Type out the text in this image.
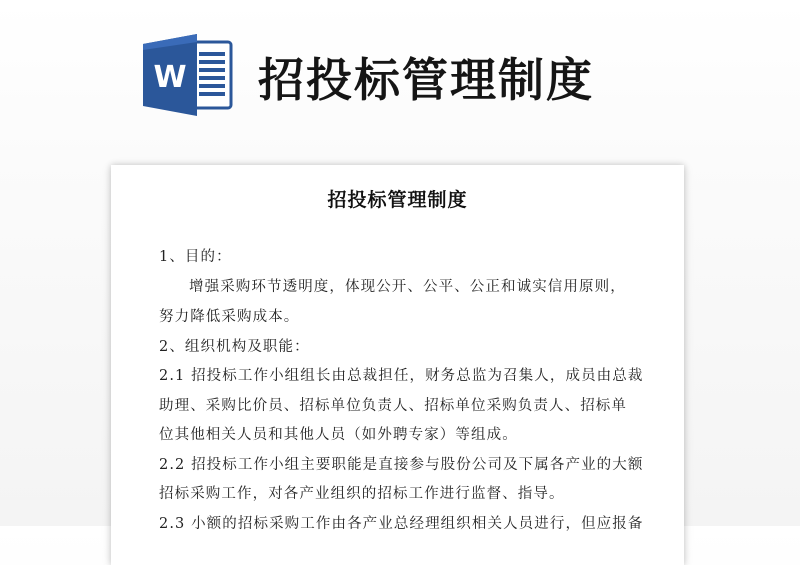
W 招投标管理制度
招投标管理制度
1、目的：
增强采购环节透明度，体现公开、公平、公正和诚实信用原则，
努力降低采购成本。
2、组织机构及职能：
2.1 招投标工作小组组长由总裁担任，财务总监为召集人，成员由总裁
助理、采购比价员、招标单位负责人、招标单位采购负责人、招标单
位其他相关人员和其他人员（如外聘专家）等组成。
2.2 招投标工作小组主要职能是直接参与股份公司及下属各产业的大额
招标采购工作，对各产业组织的招标工作进行监督、指导。
2.3 小额的招标采购工作由各产业总经理组织相关人员进行，但应报备
